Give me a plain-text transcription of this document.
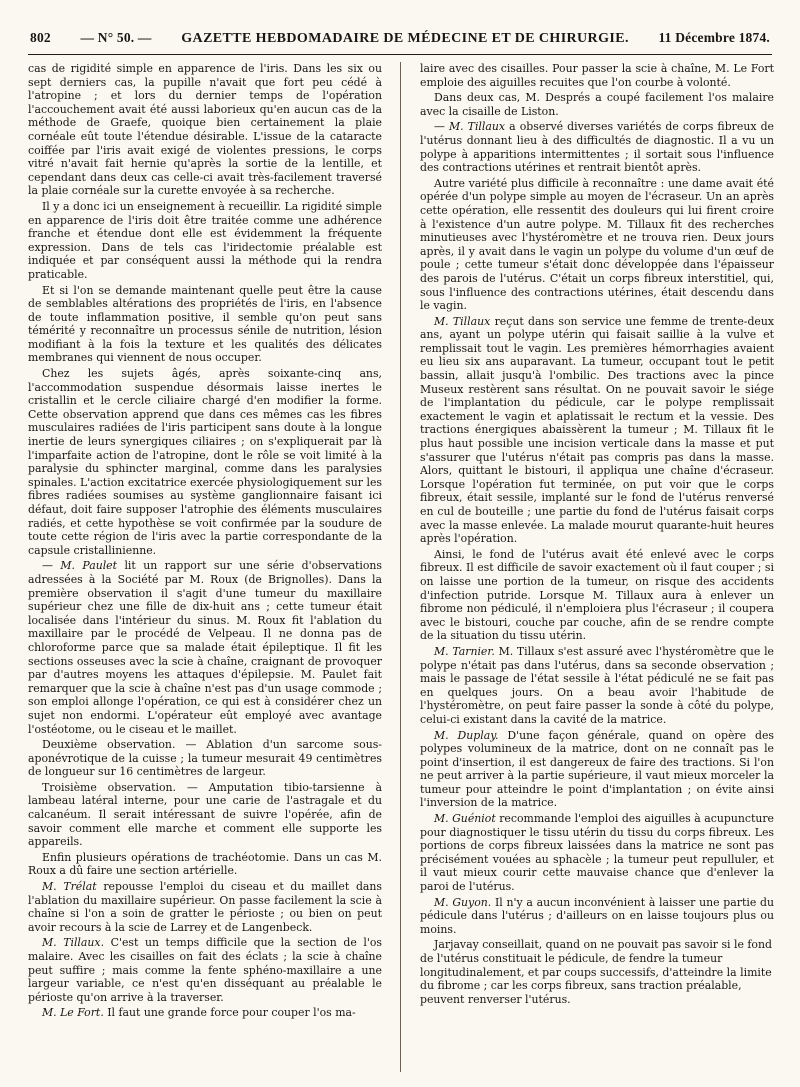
802 — N° 50. — GAZETTE HEBDOMADAIRE DE MÉDECINE ET DE CHIRURGIE. 11 Décembre 1874.

cas de rigidité simple en apparence de l'iris. Dans les six ou sept derniers cas, la pupille n'avait que fort peu cédé à l'atropine ; et lors du dernier temps de l'opération l'accouchement avait été aussi laborieux qu'en aucun cas de la méthode de Graefe, quoique bien certainement la plaie cornéale eût toute l'étendue désirable. L'issue de la cataracte coiffée par l'iris avait exigé de violentes pressions, le corps vitré n'avait fait hernie qu'après la sortie de la lentille, et cependant dans deux cas celle-ci avait très-facilement traversé la plaie cornéale sur la curette envoyée à sa recherche.

Il y a donc ici un enseignement à recueillir. La rigidité simple en apparence de l'iris doit être traitée comme une adhérence franche et étendue dont elle est évidemment la fréquente expression. Dans de tels cas l'iridectomie préalable est indiquée et par conséquent aussi la méthode qui la rendra praticable.

Et si l'on se demande maintenant quelle peut être la cause de semblables altérations des propriétés de l'iris, en l'absence de toute inflammation positive, il semble qu'on peut sans témérité y reconnaître un processus sénile de nutrition, lésion modifiant à la fois la texture et les qualités des délicates membranes qui viennent de nous occuper.

Chez les sujets âgés, après soixante-cinq ans, l'accommodation suspendue désormais laisse inertes le cristallin et le cercle ciliaire chargé d'en modifier la forme. Cette observation apprend que dans ces mêmes cas les fibres musculaires radiées de l'iris participent sans doute à la longue inertie de leurs synergiques ciliaires ; on s'expliquerait par là l'imparfaite action de l'atropine, dont le rôle se voit limité à la paralysie du sphincter marginal, comme dans les paralysies spinales. L'action excitatrice exercée physiologiquement sur les fibres radiées soumises au système ganglionnaire faisant ici défaut, doit faire supposer l'atrophie des éléments musculaires radiés, et cette hypothèse se voit confirmée par la soudure de toute cette région de l'iris avec la partie correspondante de la capsule cristallinienne.

— M. Paulet lit un rapport sur une série d'observations adressées à la Société par M. Roux (de Brignolles). Dans la première observation il s'agit d'une tumeur du maxillaire supérieur chez une fille de dix-huit ans ; cette tumeur était localisée dans l'intérieur du sinus. M. Roux fit l'ablation du maxillaire par le procédé de Velpeau. Il ne donna pas de chloroforme parce que sa malade était épileptique. Il fit les sections osseuses avec la scie à chaîne, craignant de provoquer par d'autres moyens les attaques d'épilepsie. M. Paulet fait remarquer que la scie à chaîne n'est pas d'un usage commode ; son emploi allonge l'opération, ce qui est à considérer chez un sujet non endormi. L'opérateur eût employé avec avantage l'ostéotome, ou le ciseau et le maillet.

Deuxième observation. — Ablation d'un sarcome sous-aponévrotique de la cuisse ; la tumeur mesurait 49 centimètres de longueur sur 16 centimètres de largeur.

Troisième observation. — Amputation tibio-tarsienne à lambeau latéral interne, pour une carie de l'astragale et du calcanéum. Il serait intéressant de suivre l'opérée, afin de savoir comment elle marche et comment elle supporte les appareils.

Enfin plusieurs opérations de trachéotomie. Dans un cas M. Roux a dû faire une section artérielle.

M. Trélat repousse l'emploi du ciseau et du maillet dans l'ablation du maxillaire supérieur. On passe facilement la scie à chaîne si l'on a soin de gratter le périoste ; ou bien on peut avoir recours à la scie de Larrey et de Langenbeck.

M. Tillaux. C'est un temps difficile que la section de l'os malaire. Avec les cisailles on fait des éclats ; la scie à chaîne peut suffire ; mais comme la fente sphéno-maxillaire a une largeur variable, ce n'est qu'en disséquant au préalable le périoste qu'on arrive à la traverser.

M. Le Fort. Il faut une grande force pour couper l'os ma-

laire avec des cisailles. Pour passer la scie à chaîne, M. Le Fort emploie des aiguilles recuites que l'on courbe à volonté.

Dans deux cas, M. Després a coupé facilement l'os malaire avec la cisaille de Liston.

— M. Tillaux a observé diverses variétés de corps fibreux de l'utérus donnant lieu à des difficultés de diagnostic. Il a vu un polype à apparitions intermittentes ; il sortait sous l'influence des contractions utérines et rentrait bientôt après.

Autre variété plus difficile à reconnaître : une dame avait été opérée d'un polype simple au moyen de l'écraseur. Un an après cette opération, elle ressentit des douleurs qui lui firent croire à l'existence d'un autre polype. M. Tillaux fit des recherches minutieuses avec l'hystéromètre et ne trouva rien. Deux jours après, il y avait dans le vagin un polype du volume d'un œuf de poule ; cette tumeur s'était donc développée dans l'épaisseur des parois de l'utérus. C'était un corps fibreux interstitiel, qui, sous l'influence des contractions utérines, était descendu dans le vagin.

M. Tillaux reçut dans son service une femme de trente-deux ans, ayant un polype utérin qui faisait saillie à la vulve et remplissait tout le vagin. Les premières hémorrhagies avaient eu lieu six ans auparavant. La tumeur, occupant tout le petit bassin, allait jusqu'à l'ombilic. Des tractions avec la pince Museux restèrent sans résultat. On ne pouvait savoir le siége de l'implantation du pédicule, car le polype remplissait exactement le vagin et aplatissait le rectum et la vessie. Des tractions énergiques abaissèrent la tumeur ; M. Tillaux fit le plus haut possible une incision verticale dans la masse et put s'assurer que l'utérus n'était pas compris pas dans la masse. Alors, quittant le bistouri, il appliqua une chaîne d'écraseur. Lorsque l'opération fut terminée, on put voir que le corps fibreux, était sessile, implanté sur le fond de l'utérus renversé en cul de bouteille ; une partie du fond de l'utérus faisait corps avec la masse enlevée. La malade mourut quarante-huit heures après l'opération.

Ainsi, le fond de l'utérus avait été enlevé avec le corps fibreux. Il est difficile de savoir exactement où il faut couper ; si on laisse une portion de la tumeur, on risque des accidents d'infection putride. Lorsque M. Tillaux aura à enlever un fibrome non pédiculé, il n'emploiera plus l'écraseur ; il coupera avec le bistouri, couche par couche, afin de se rendre compte de la situation du tissu utérin.

M. Tarnier. M. Tillaux s'est assuré avec l'hystéromètre que le polype n'était pas dans l'utérus, dans sa seconde observation ; mais le passage de l'état sessile à l'état pédiculé ne se fait pas en quelques jours. On a beau avoir l'habitude de l'hystéromètre, on peut faire passer la sonde à côté du polype, celui-ci existant dans la cavité de la matrice.

M. Duplay. D'une façon générale, quand on opère des polypes volumineux de la matrice, dont on ne connaît pas le point d'insertion, il est dangereux de faire des tractions. Si l'on ne peut arriver à la partie supérieure, il vaut mieux morceler la tumeur pour atteindre le point d'implantation ; on évite ainsi l'inversion de la matrice.

M. Guéniot recommande l'emploi des aiguilles à acupuncture pour diagnostiquer le tissu utérin du tissu du corps fibreux. Les portions de corps fibreux laissées dans la matrice ne sont pas précisément vouées au sphacèle ; la tumeur peut repulluler, et il vaut mieux courir cette mauvaise chance que d'enlever la paroi de l'utérus.

M. Guyon. Il n'y a aucun inconvénient à laisser une partie du pédicule dans l'utérus ; d'ailleurs on en laisse toujours plus ou moins.

Jarjavay conseillait, quand on ne pouvait pas savoir si le fond de l'utérus constituait le pédicule, de fendre la tumeur longitudinalement, et par coups successifs, d'atteindre la limite du fibrome ; car les corps fibreux, sans traction préalable, peuvent renverser l'utérus.
